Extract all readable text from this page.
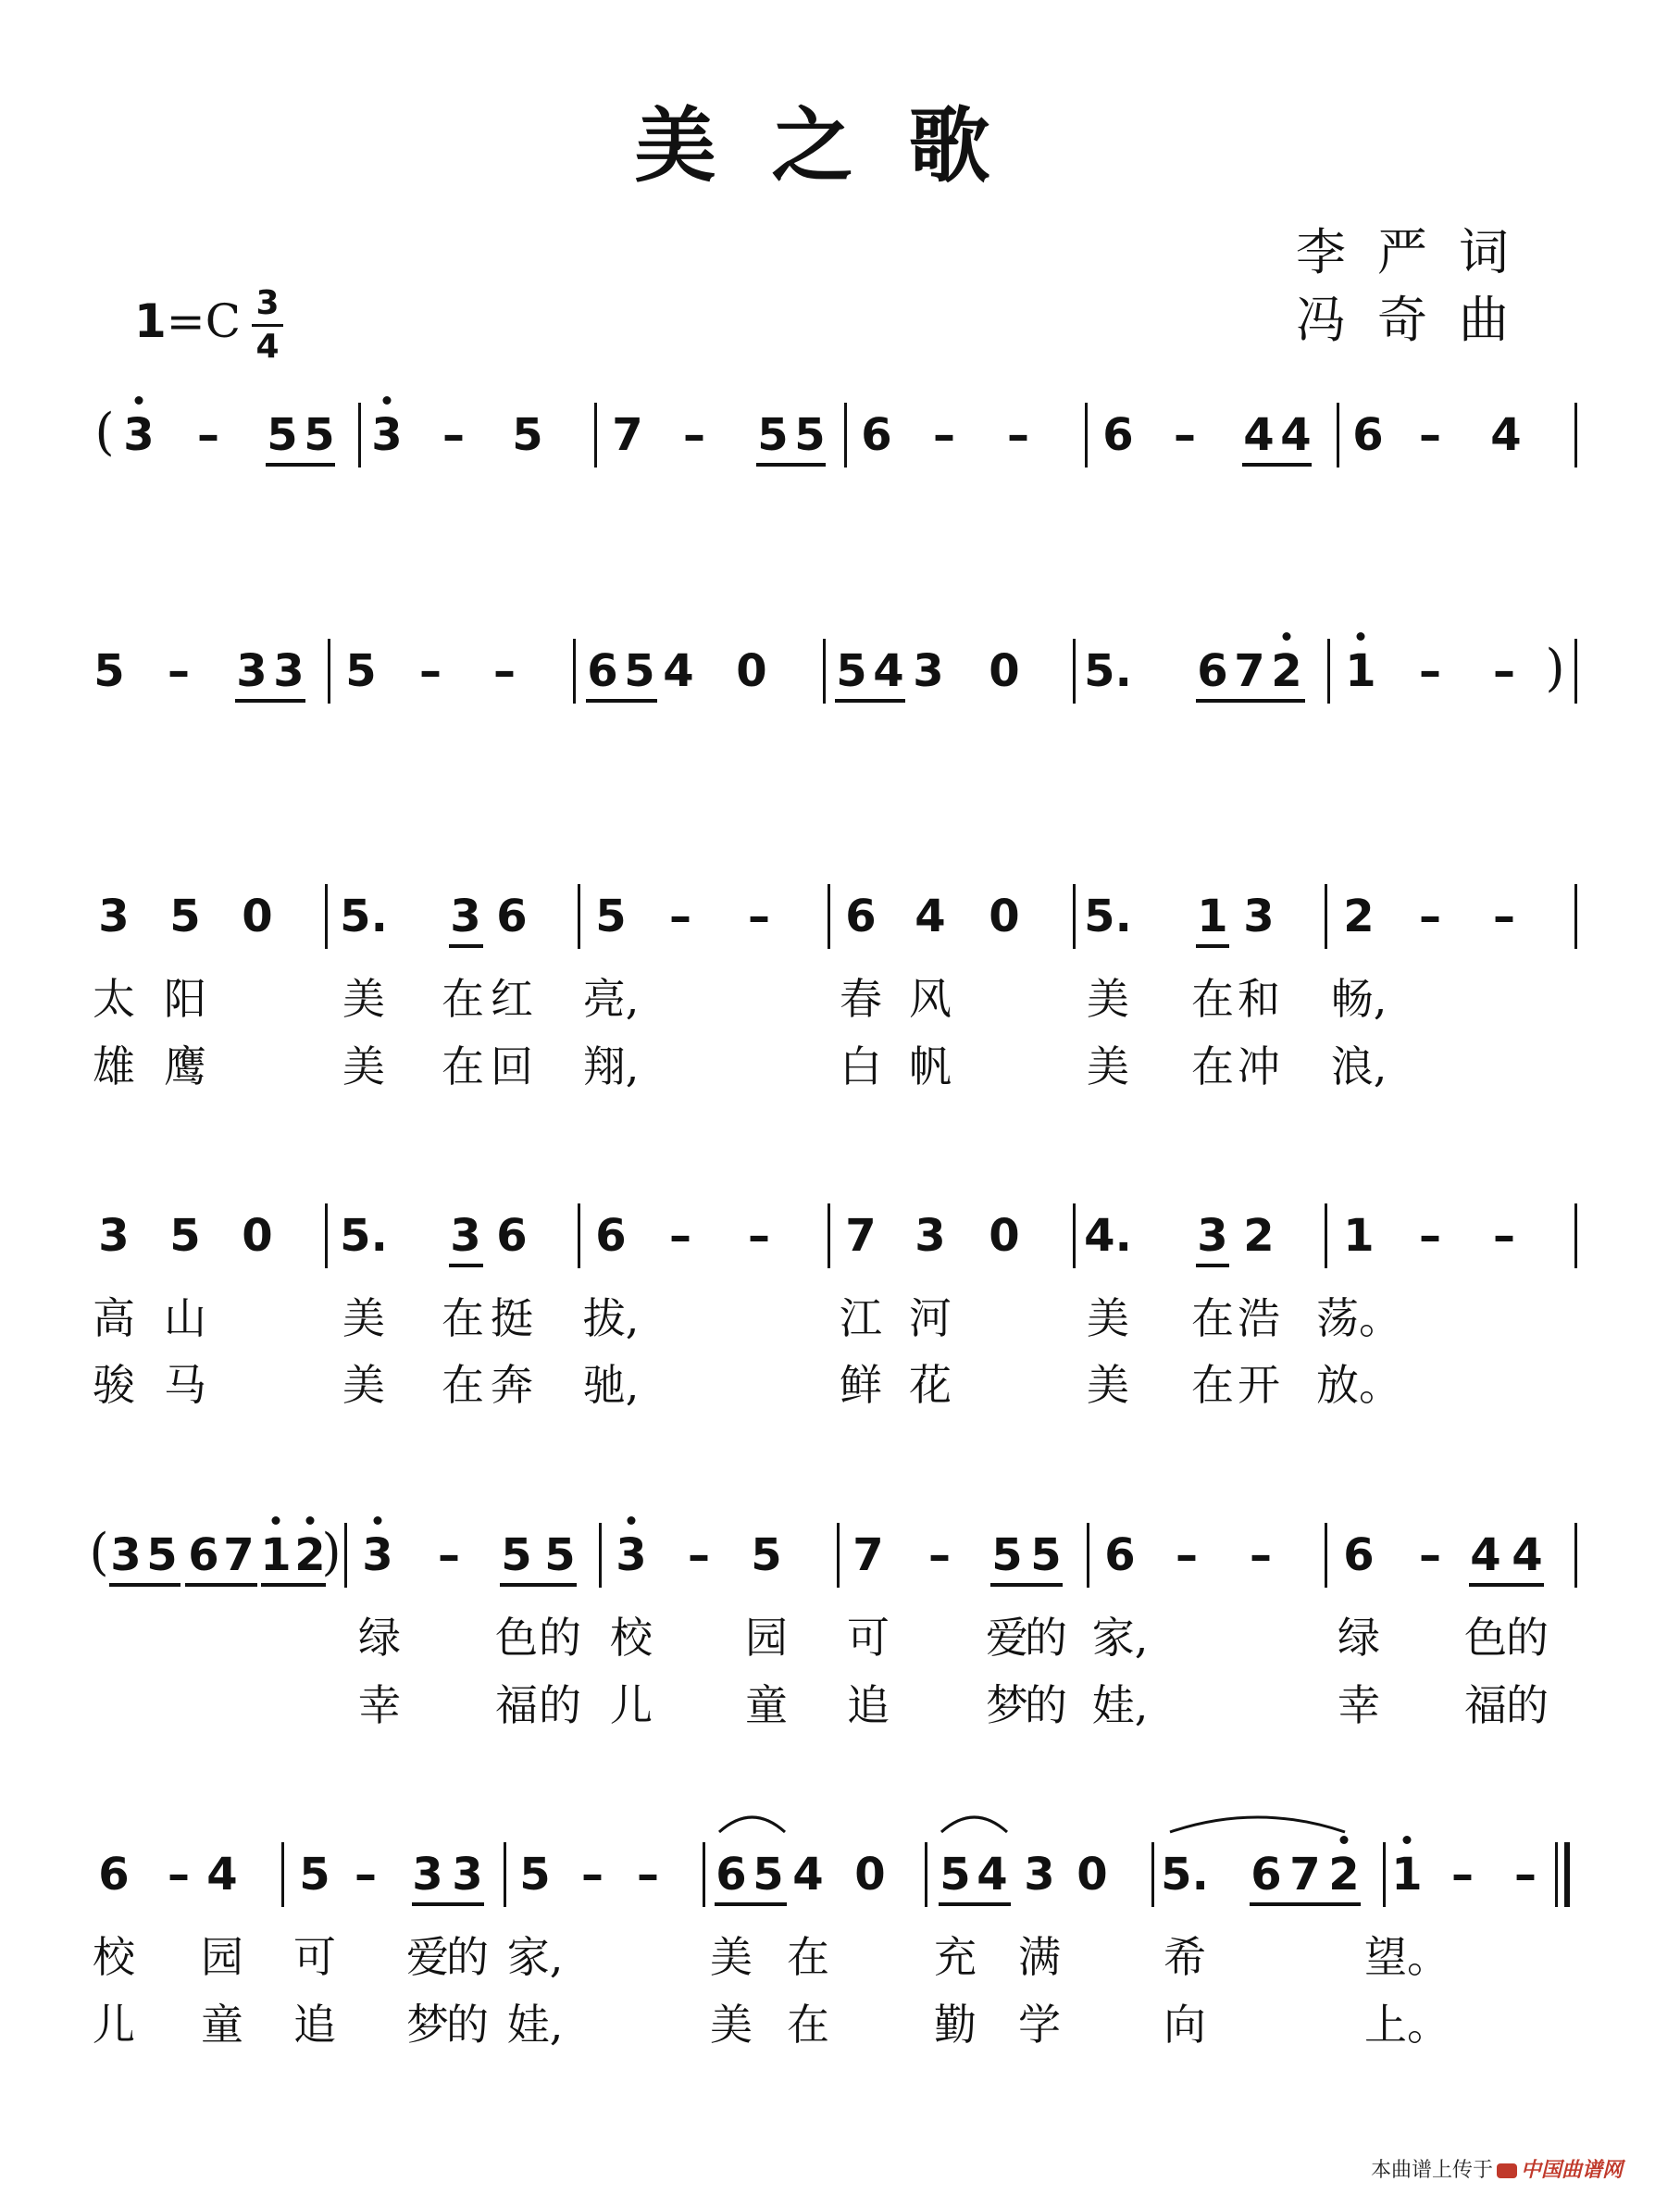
美之歌
李严词
冯奇曲
1=C 3
4
( 3 – 5 5 3 – 5 7 – 5 5 6 – – 6 – 4 4 6 – 4
5 – 3 3 5 – – 6 5 4 0 5 4 3 0 5. 6 7 2 1 – – )
3 5 0 5. 3 6 5 – – 6 4 0 5. 1 3 2 – –
3 5 0 5. 3 6 6 – – 7 3 0 4. 3 2 1 – –
( 3 5 6 7 1 2
) 3 – 5 5 3 – 5 7 – 5 5 6 – – 6 – 4 4
6 – 4 5 – 3 3 5 – – 6 5 4 0 5 4 3 0 5. 6 7 2 1 – –
太 阳	美 在 红 亮,	春 风	美 在 和 畅,
雄 鹰	美 在 回 翔,	白 帆	美 在 冲 浪,
高 山	美 在 挺 拔,	江 河	美 在 浩 荡。
骏 马	美 在 奔 驰,	鲜 花	美 在 开 放。
绿 色 的 校 园 可 爱
的 家,	绿 色 的
幸 福 的 儿 童 追 梦
的 娃,	幸 福 的
校 园 可 爱
的 家,	美 在 充 满 希	望。
儿 童 追 梦
的 娃,	美 在 勤 学 向	上。
本曲谱上传于 中国曲谱网
